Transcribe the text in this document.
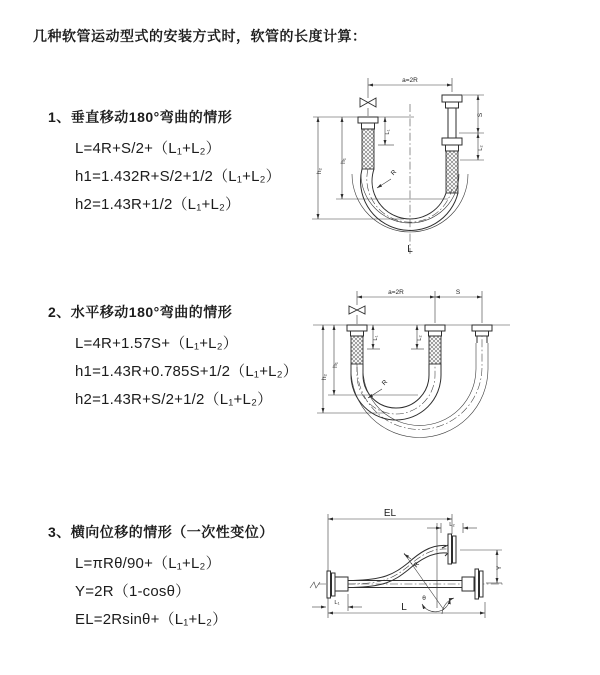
几种软管运动型式的安装方式时，软管的长度计算：
1、垂直移动180°弯曲的情形
L=4R+S/2+（L₁+L₂）
h1=1.432R+S/2+1/2（L₁+L₂）
h2=1.43R+1/2（L₁+L₂）
a=2R
h₁
h₂
L₁
S
L₂
R
L
2、水平移动180°弯曲的情形
L=4R+1.57S+（L₁+L₂）
h1=1.43R+0.785S+1/2（L₁+L₂）
h2=1.43R+S/2+1/2（L₁+L₂）
a=2R	S
h₁
h₂
L₁	L₂
R
3、横向位移的情形（一次性变位）
L=πRθ/90+（L₁+L₂）
Y=2R（1-cosθ）
EL=2Rsinθ+（L₁+L₂）
EL
L₂
Y
θ
R
L
L₁
